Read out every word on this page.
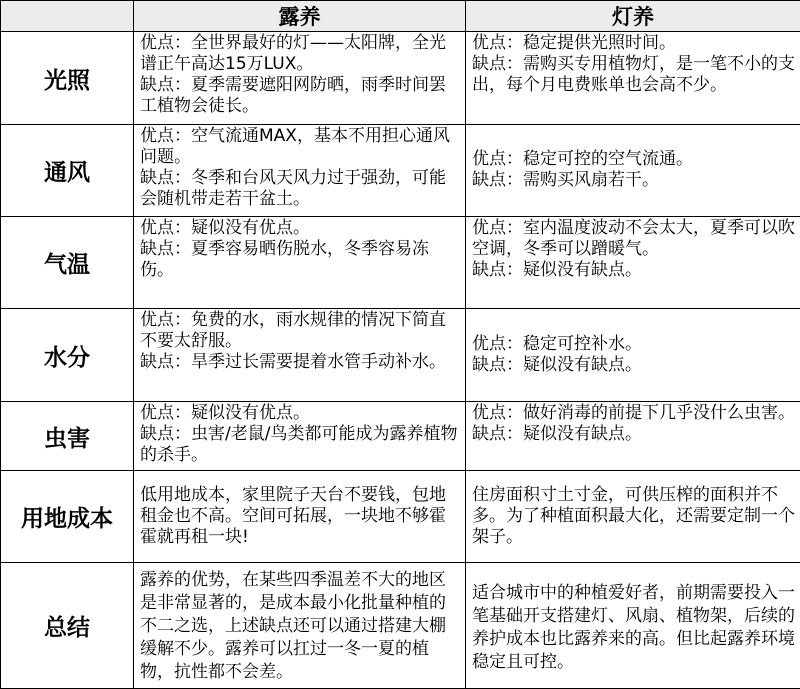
	露养	灯养
光照	优点：全世界最好的灯——太阳牌，全光谱正午高达15万LUX。
缺点：夏季需要遮阳网防晒，雨季时间罢工植物会徒长。	优点：稳定提供光照时间。
缺点：需购买专用植物灯，是一笔不小的支出，每个月电费账单也会高不少。

通风	优点：空气流通MAX，基本不用担心通风问题。
缺点：冬季和台风天风力过于强劲，可能会随机带走若干盆土。	优点：稳定可控的空气流通。
缺点：需购买风扇若干。

气温	优点：疑似没有优点。
缺点：夏季容易晒伤脱水，冬季容易冻伤。	优点：室内温度波动不会太大，夏季可以吹空调，冬季可以蹭暖气。
缺点：疑似没有缺点。

水分	优点：免费的水，雨水规律的情况下简直不要太舒服。
缺点：旱季过长需要提着水管手动补水。	优点：稳定可控补水。
缺点：疑似没有缺点。

虫害	优点：疑似没有优点。
缺点：虫害/老鼠/鸟类都可能成为露养植物的杀手。	优点：做好消毒的前提下几乎没什么虫害。
缺点：疑似没有缺点。

用地成本	低用地成本，家里院子天台不要钱，包地租金也不高。空间可拓展，一块地不够霍霍就再租一块!	住房面积寸土寸金，可供压榨的面积并不多。为了种植面积最大化，还需要定制一个架子。

总结	露养的优势，在某些四季温差不大的地区是非常显著的，是成本最小化批量种植的不二之选，上述缺点还可以通过搭建大棚缓解不少。露养可以扛过一冬一夏的植物，抗性都不会差。	适合城市中的种植爱好者，前期需要投入一笔基础开支搭建灯、风扇、植物架，后续的养护成本也比露养来的高。但比起露养环境稳定且可控。
